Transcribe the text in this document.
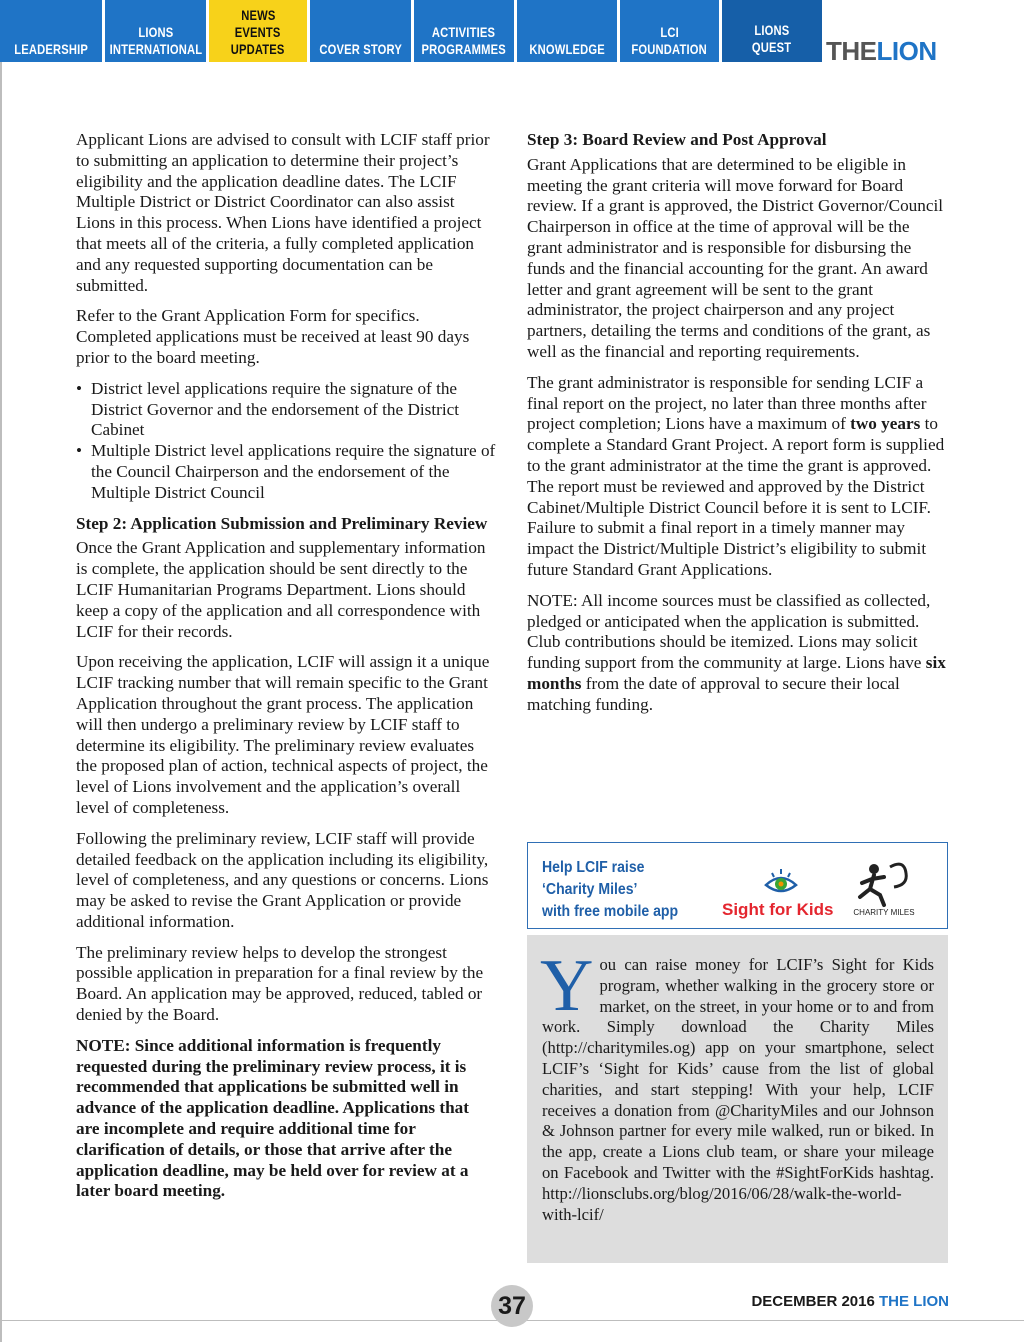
LEADERSHIP
LIONS
INTERNATIONAL
NEWS
EVENTS
UPDATES COVER STORY
ACTIVITIES
PROGRAMMES KNOWLEDGE
LCI
FOUNDATION
LIONS
QUEST THELION

Applicant Lions are advised to consult with LCIF staff prior to submitting an application to determine their project’s eligibility and the application deadline dates. The LCIF Multiple District or District Coordinator can also assist Lions in this process. When Lions have identified a project that meets all of the criteria, a fully completed application and any requested supporting documentation can be submitted.

Refer to the Grant Application Form for specifics. Completed applications must be received at least 90 days prior to the board meeting.

• District level applications require the signature of the District Governor and the endorsement of the District Cabinet
• Multiple District level applications require the signature of the Council Chairperson and the endorsement of the Multiple District Council
Step 2: Application Submission and Preliminary Review

Once the Grant Application and supplementary information is complete, the application should be sent directly to the LCIF Humanitarian Programs Department. Lions should keep a copy of the application and all correspondence with LCIF for their records.

Upon receiving the application, LCIF will assign it a unique LCIF tracking number that will remain specific to the Grant Application throughout the grant process. The application will then undergo a preliminary review by LCIF staff to determine its eligibility. The preliminary review evaluates the proposed plan of action, technical aspects of project, the level of Lions involvement and the application’s overall level of completeness.

Following the preliminary review, LCIF staff will provide detailed feedback on the application including its eligibility, level of completeness, and any questions or concerns. Lions may be asked to revise the Grant Application or provide additional information.

The preliminary review helps to develop the strongest possible application in preparation for a final review by the Board. An application may be approved, reduced, tabled or denied by the Board.

NOTE: Since additional information is frequently requested during the preliminary review process, it is recommended that applications be submitted well in advance of the application deadline. Applications that are incomplete and require additional time for clarification of details, or those that arrive after the application deadline, may be held over for review at a later board meeting.

Step 3: Board Review and Post Approval

Grant Applications that are determined to be eligible in meeting the grant criteria will move forward for Board review. If a grant is approved, the District Governor/Council Chairperson in office at the time of approval will be the grant administrator and is responsible for disbursing the funds and the financial accounting for the grant. An award letter and grant agreement will be sent to the grant administrator, the project chairperson and any project partners, detailing the terms and conditions of the grant, as well as the financial and reporting requirements.

The grant administrator is responsible for sending LCIF a final report on the project, no later than three months after project completion; Lions have a maximum of two years to complete a Standard Grant Project. A report form is supplied to the grant administrator at the time the grant is approved. The report must be reviewed and approved by the District Cabinet/Multiple District Council before it is sent to LCIF. Failure to submit a final report in a timely manner may impact the District/Multiple District’s eligibility to submit future Standard Grant Applications.

NOTE: All income sources must be classified as collected, pledged or anticipated when the application is submitted. Club contributions should be itemized. Lions may solicit funding support from the community at large. Lions have six months from the date of approval to secure their local matching funding.

Help LCIF raise
‘Charity Miles’
with free mobile app	Sight for Kids CHARITY MILES
You can raise money for LCIF’s Sight for Kids program, whether walking in the grocery store or market, on the street, in your home or to and from work. Simply download the Charity Miles (http://charitymiles.og) app on your smartphone, select LCIF’s ‘Sight for Kids’ cause from the list of global charities, and start stepping! With your help, LCIF receives a donation from @CharityMiles and our Johnson & Johnson partner for every mile walked, run or biked. In the app, create a Lions club team, or share your mileage on Facebook and Twitter with the #SightForKids hashtag. http://lionsclubs.org/blog/2016/06/28/walk-the-world-with-lcif/
37	DECEMBER 2016 THE LION
